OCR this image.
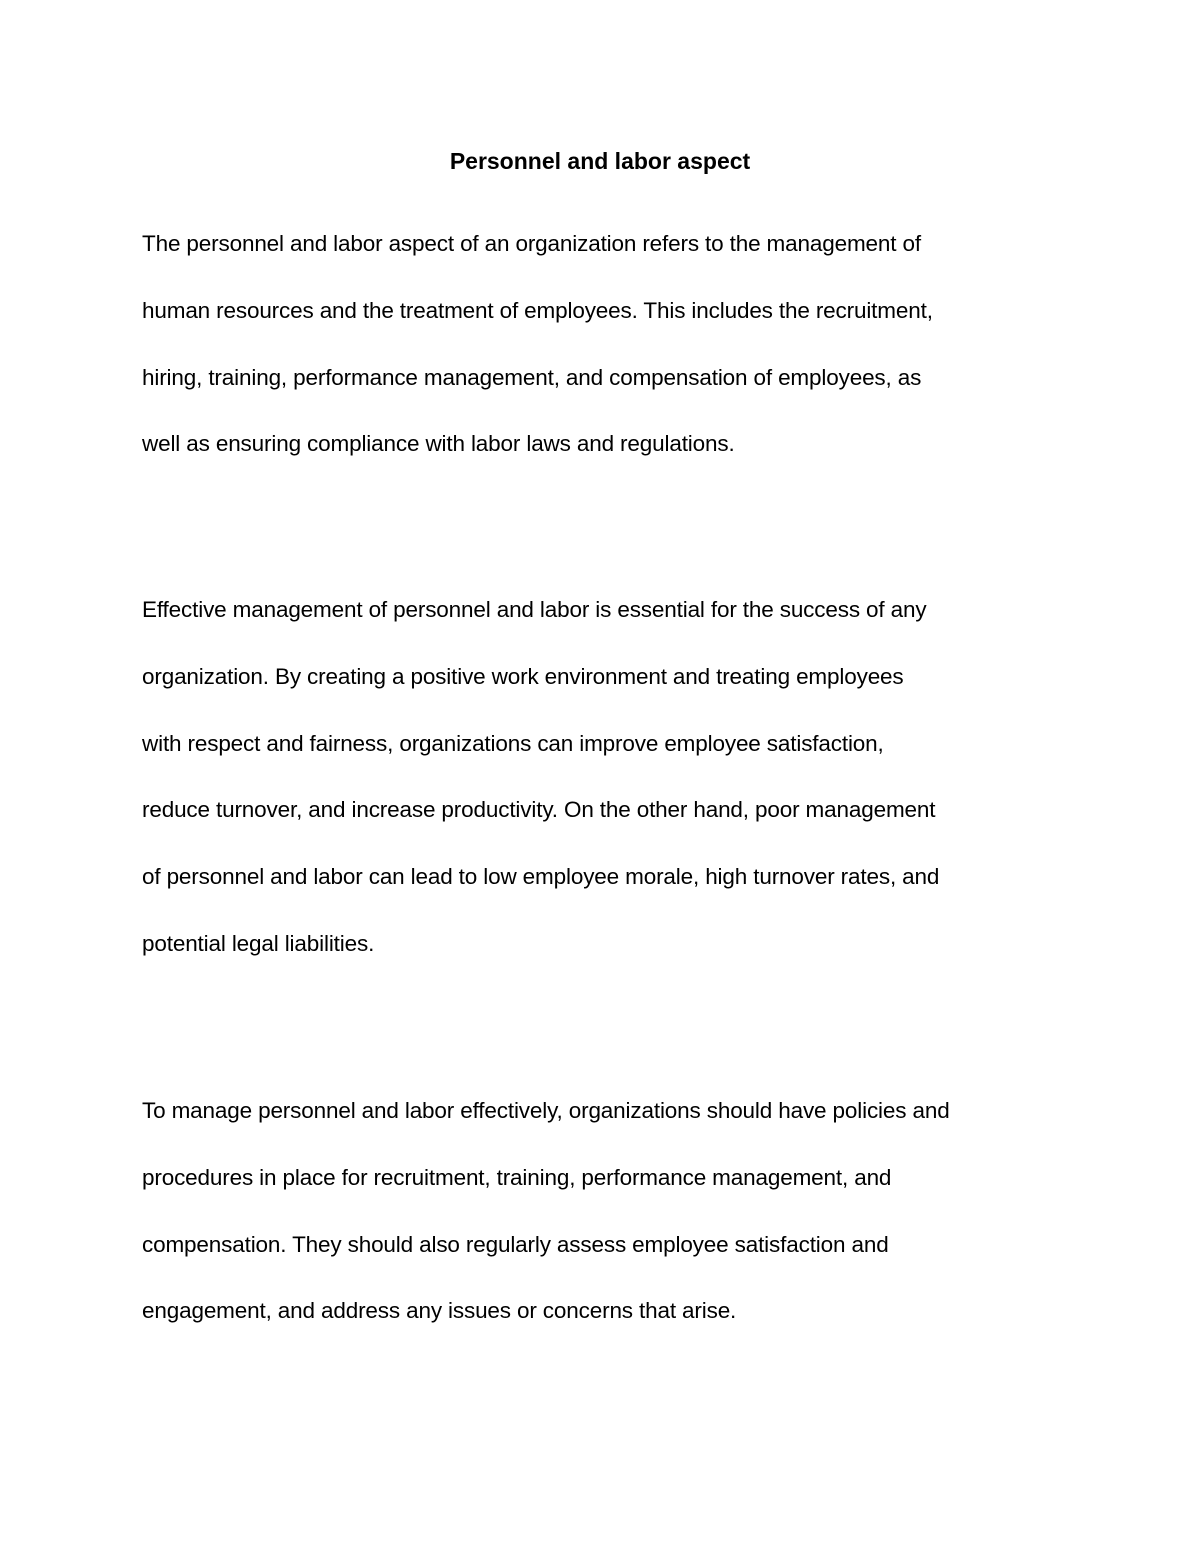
Personnel and labor aspect

The personnel and labor aspect of an organization refers to the management of
human resources and the treatment of employees. This includes the recruitment,
hiring, training, performance management, and compensation of employees, as
well as ensuring compliance with labor laws and regulations.

Effective management of personnel and labor is essential for the success of any
organization. By creating a positive work environment and treating employees
with respect and fairness, organizations can improve employee satisfaction,
reduce turnover, and increase productivity. On the other hand, poor management
of personnel and labor can lead to low employee morale, high turnover rates, and
potential legal liabilities.

To manage personnel and labor effectively, organizations should have policies and
procedures in place for recruitment, training, performance management, and
compensation. They should also regularly assess employee satisfaction and
engagement, and address any issues or concerns that arise.
